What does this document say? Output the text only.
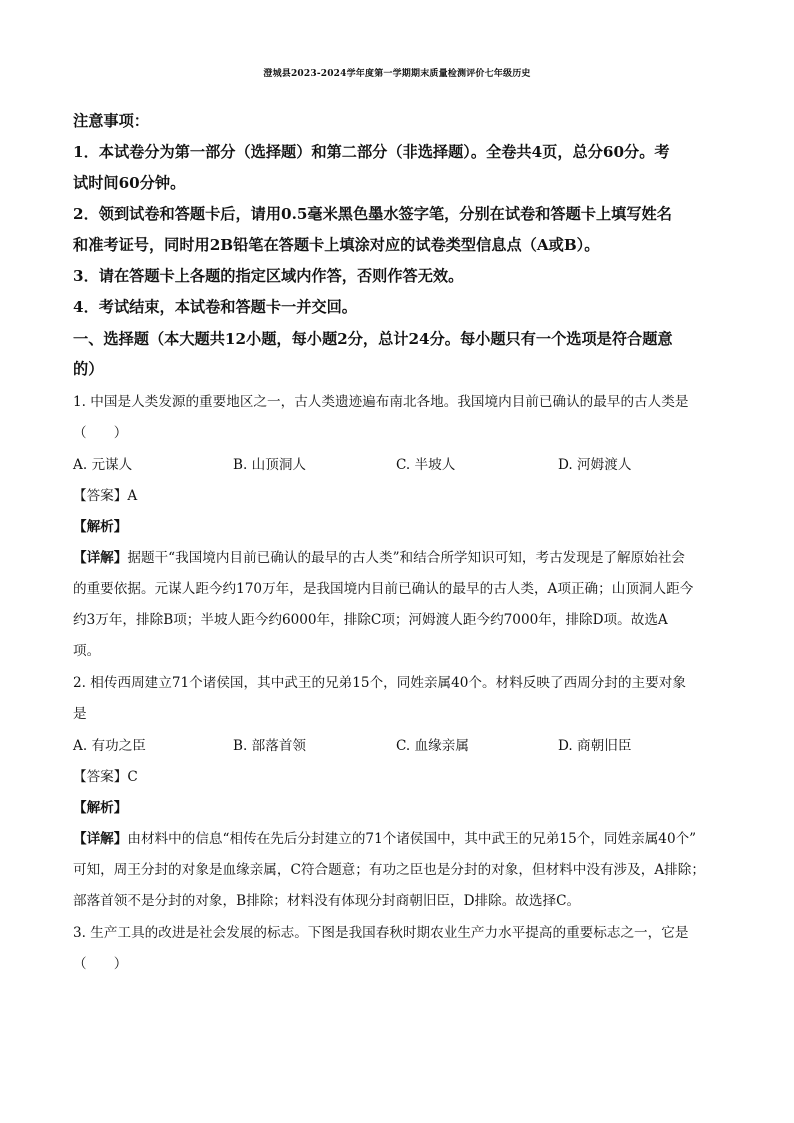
澄城县2023-2024学年度第一学期期末质量检测评价七年级历史
注意事项：
1．本试卷分为第一部分（选择题）和第二部分（非选择题）。全卷共4页，总分60分。考
试时间60分钟。
2．领到试卷和答题卡后，请用0.5毫米黑色墨水签字笔，分别在试卷和答题卡上填写姓名
和准考证号，同时用2B铅笔在答题卡上填涂对应的试卷类型信息点（A或B）。
3．请在答题卡上各题的指定区域内作答，否则作答无效。
4．考试结束，本试卷和答题卡一并交回。
一、选择题（本大题共12小题，每小题2分，总计24分。每小题只有一个选项是符合题意
的）
1. 中国是人类发源的重要地区之一，古人类遗迹遍布南北各地。我国境内目前已确认的最早的古人类是
（　　）
A. 元谋人	B. 山顶洞人	C. 半坡人	D. 河姆渡人
【答案】A
【解析】
【详解】据题干“我国境内目前已确认的最早的古人类”和结合所学知识可知，考古发现是了解原始社会
的重要依据。元谋人距今约170万年，是我国境内目前已确认的最早的古人类，A项正确；山顶洞人距今
约3万年，排除B项；半坡人距今约6000年，排除C项；河姆渡人距今约7000年，排除D项。故选A
项。
2. 相传西周建立71个诸侯国，其中武王的兄弟15个，同姓亲属40个。材料反映了西周分封的主要对象
是
A. 有功之臣	B. 部落首领	C. 血缘亲属	D. 商朝旧臣
【答案】C
【解析】
【详解】由材料中的信息“相传在先后分封建立的71个诸侯国中，其中武王的兄弟15个，同姓亲属40个”
可知，周王分封的对象是血缘亲属，C符合题意；有功之臣也是分封的对象，但材料中没有涉及，A排除；
部落首领不是分封的对象，B排除；材料没有体现分封商朝旧臣，D排除。故选择C。
3. 生产工具的改进是社会发展的标志。下图是我国春秋时期农业生产力水平提高的重要标志之一，它是
（　　）
